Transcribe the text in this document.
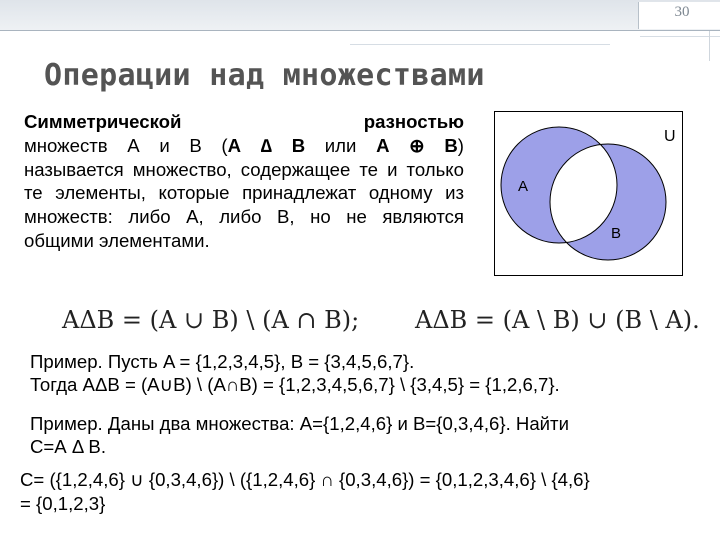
30
Операции над множествами
Симметрической разностью
множеств А и В (А ∆ В или А ⊕ В)
называется множество, содержащее те и только те элементы, которые принадлежат одному из множеств: либо А, либо В, но не являются общими элементами.
U
A
B
AΔB = (A ∪ B) \ (A ∩ B); AΔB = (A \ B) ∪ (B \ A).

Пример. Пусть A = {1,2,3,4,5}, B = {3,4,5,6,7}.

Тогда AΔB = (A∪B) \ (A∩B) = {1,2,3,4,5,6,7} \ {3,4,5} = {1,2,6,7}.

Пример. Даны два множества: А={1,2,4,6} и В={0,3,4,6}. Найти

С=А Δ В.

С= ({1,2,4,6} ∪ {0,3,4,6}) \ ({1,2,4,6} ∩ {0,3,4,6}) = {0,1,2,3,4,6} \ {4,6}

= {0,1,2,3}
